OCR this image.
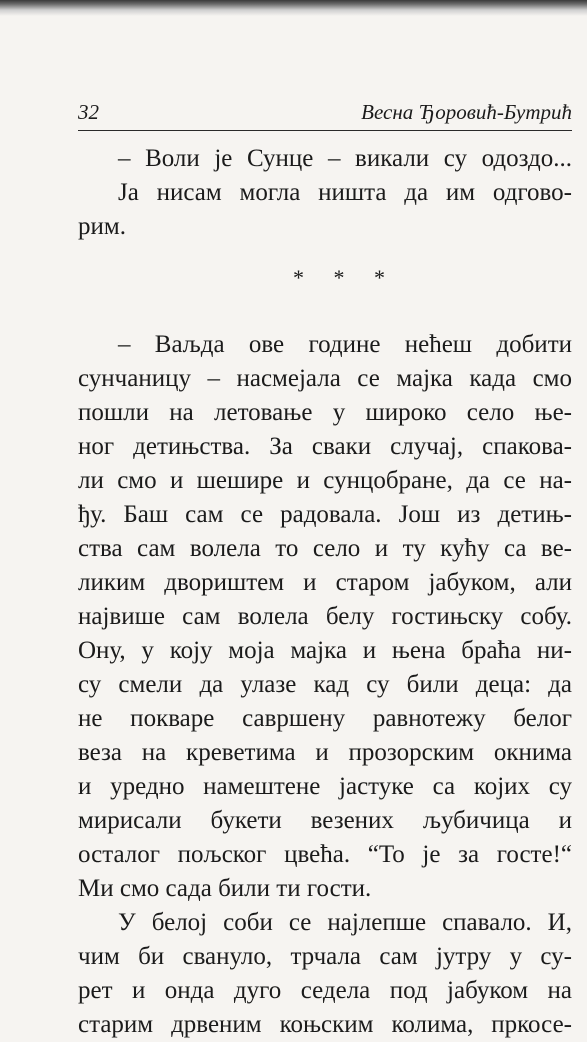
32	Весна Ђоровић-Бутрић
– Воли је Сунце – викали су одоздо...
Ја нисам могла ништа да им одгово-
рим.
* * *
– Ваљда ове године нећеш добити
сунчаницу – насмејала се мајка када смо
пошли на летовање у широко село ње-
ног детињства. За сваки случај, спакова-
ли смо и шешире и сунцобране, да се на-
ђу. Баш сам се радовала. Још из детињ-
ства сам волела то село и ту кућу са ве-
ликим двориштем и старом јабуком, али
највише сам волела белу гостињску собу.
Ону, у коју моја мајка и њена браћа ни-
су смели да улазе кад су били деца: да
не покваре савршену равнотежу белог
веза на креветима и прозорским окнима
и уредно намештене јастуке са којих су
мирисали букети везених љубичица и
осталог пољског цвећа. “То је за госте!“
Ми смо сада били ти гости.
У белој соби се најлепше спавало. И,
чим би свануло, трчала сам јутру у су-
рет и онда дуго седела под јабуком на
старим дрвеним коњским колима, пркосе-
